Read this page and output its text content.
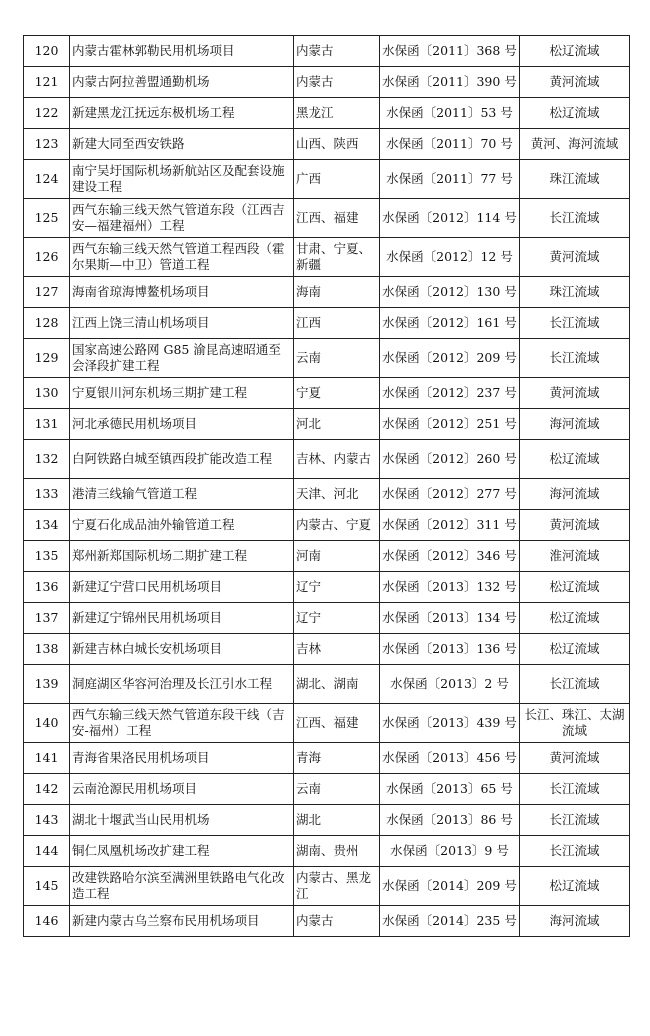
120	内蒙古霍林郭勒民用机场项目	内蒙古	水保函〔2011〕368 号	松辽流域
121	内蒙古阿拉善盟通勤机场	内蒙古	水保函〔2011〕390 号	黄河流域
122	新建黑龙江抚远东极机场工程	黑龙江	水保函〔2011〕53 号	松辽流域
123	新建大同至西安铁路	山西、陕西	水保函〔2011〕70 号	黄河、海河流域
124	南宁吴圩国际机场新航站区及配套设施建设工程	广西	水保函〔2011〕77 号	珠江流域
125	西气东输三线天然气管道东段（江西吉安—福建福州）工程	江西、福建	水保函〔2012〕114 号	长江流域
126	西气东输三线天然气管道工程西段（霍尔果斯—中卫）管道工程	甘肃、宁夏、新疆	水保函〔2012〕12 号	黄河流域
127	海南省琼海博鳌机场项目	海南	水保函〔2012〕130 号	珠江流域
128	江西上饶三清山机场项目	江西	水保函〔2012〕161 号	长江流域
129	国家高速公路网 G85 渝昆高速昭通至会泽段扩建工程	云南	水保函〔2012〕209 号	长江流域
130	宁夏银川河东机场三期扩建工程	宁夏	水保函〔2012〕237 号	黄河流域
131	河北承德民用机场项目	河北	水保函〔2012〕251 号	海河流域
132	白阿铁路白城至镇西段扩能改造工程	吉林、内蒙古	水保函〔2012〕260 号	松辽流域
133	港清三线输气管道工程	天津、河北	水保函〔2012〕277 号	海河流域
134	宁夏石化成品油外输管道工程	内蒙古、宁夏	水保函〔2012〕311 号	黄河流域
135	郑州新郑国际机场二期扩建工程	河南	水保函〔2012〕346 号	淮河流域
136	新建辽宁营口民用机场项目	辽宁	水保函〔2013〕132 号	松辽流域
137	新建辽宁锦州民用机场项目	辽宁	水保函〔2013〕134 号	松辽流域
138	新建吉林白城长安机场项目	吉林	水保函〔2013〕136 号	松辽流域
139	洞庭湖区华容河治理及长江引水工程	湖北、湖南	水保函〔2013〕2 号	长江流域
140	西气东输三线天然气管道东段干线（吉安-福州）工程	江西、福建	水保函〔2013〕439 号	长江、珠江、太湖流域
141	青海省果洛民用机场项目	青海	水保函〔2013〕456 号	黄河流域
142	云南沧源民用机场项目	云南	水保函〔2013〕65 号	长江流域
143	湖北十堰武当山民用机场	湖北	水保函〔2013〕86 号	长江流域
144	铜仁凤凰机场改扩建工程	湖南、贵州	水保函〔2013〕9 号	长江流域
145	改建铁路哈尔滨至满洲里铁路电气化改造工程	内蒙古、黑龙江	水保函〔2014〕209 号	松辽流域
146	新建内蒙古乌兰察布民用机场项目	内蒙古	水保函〔2014〕235 号	海河流域
